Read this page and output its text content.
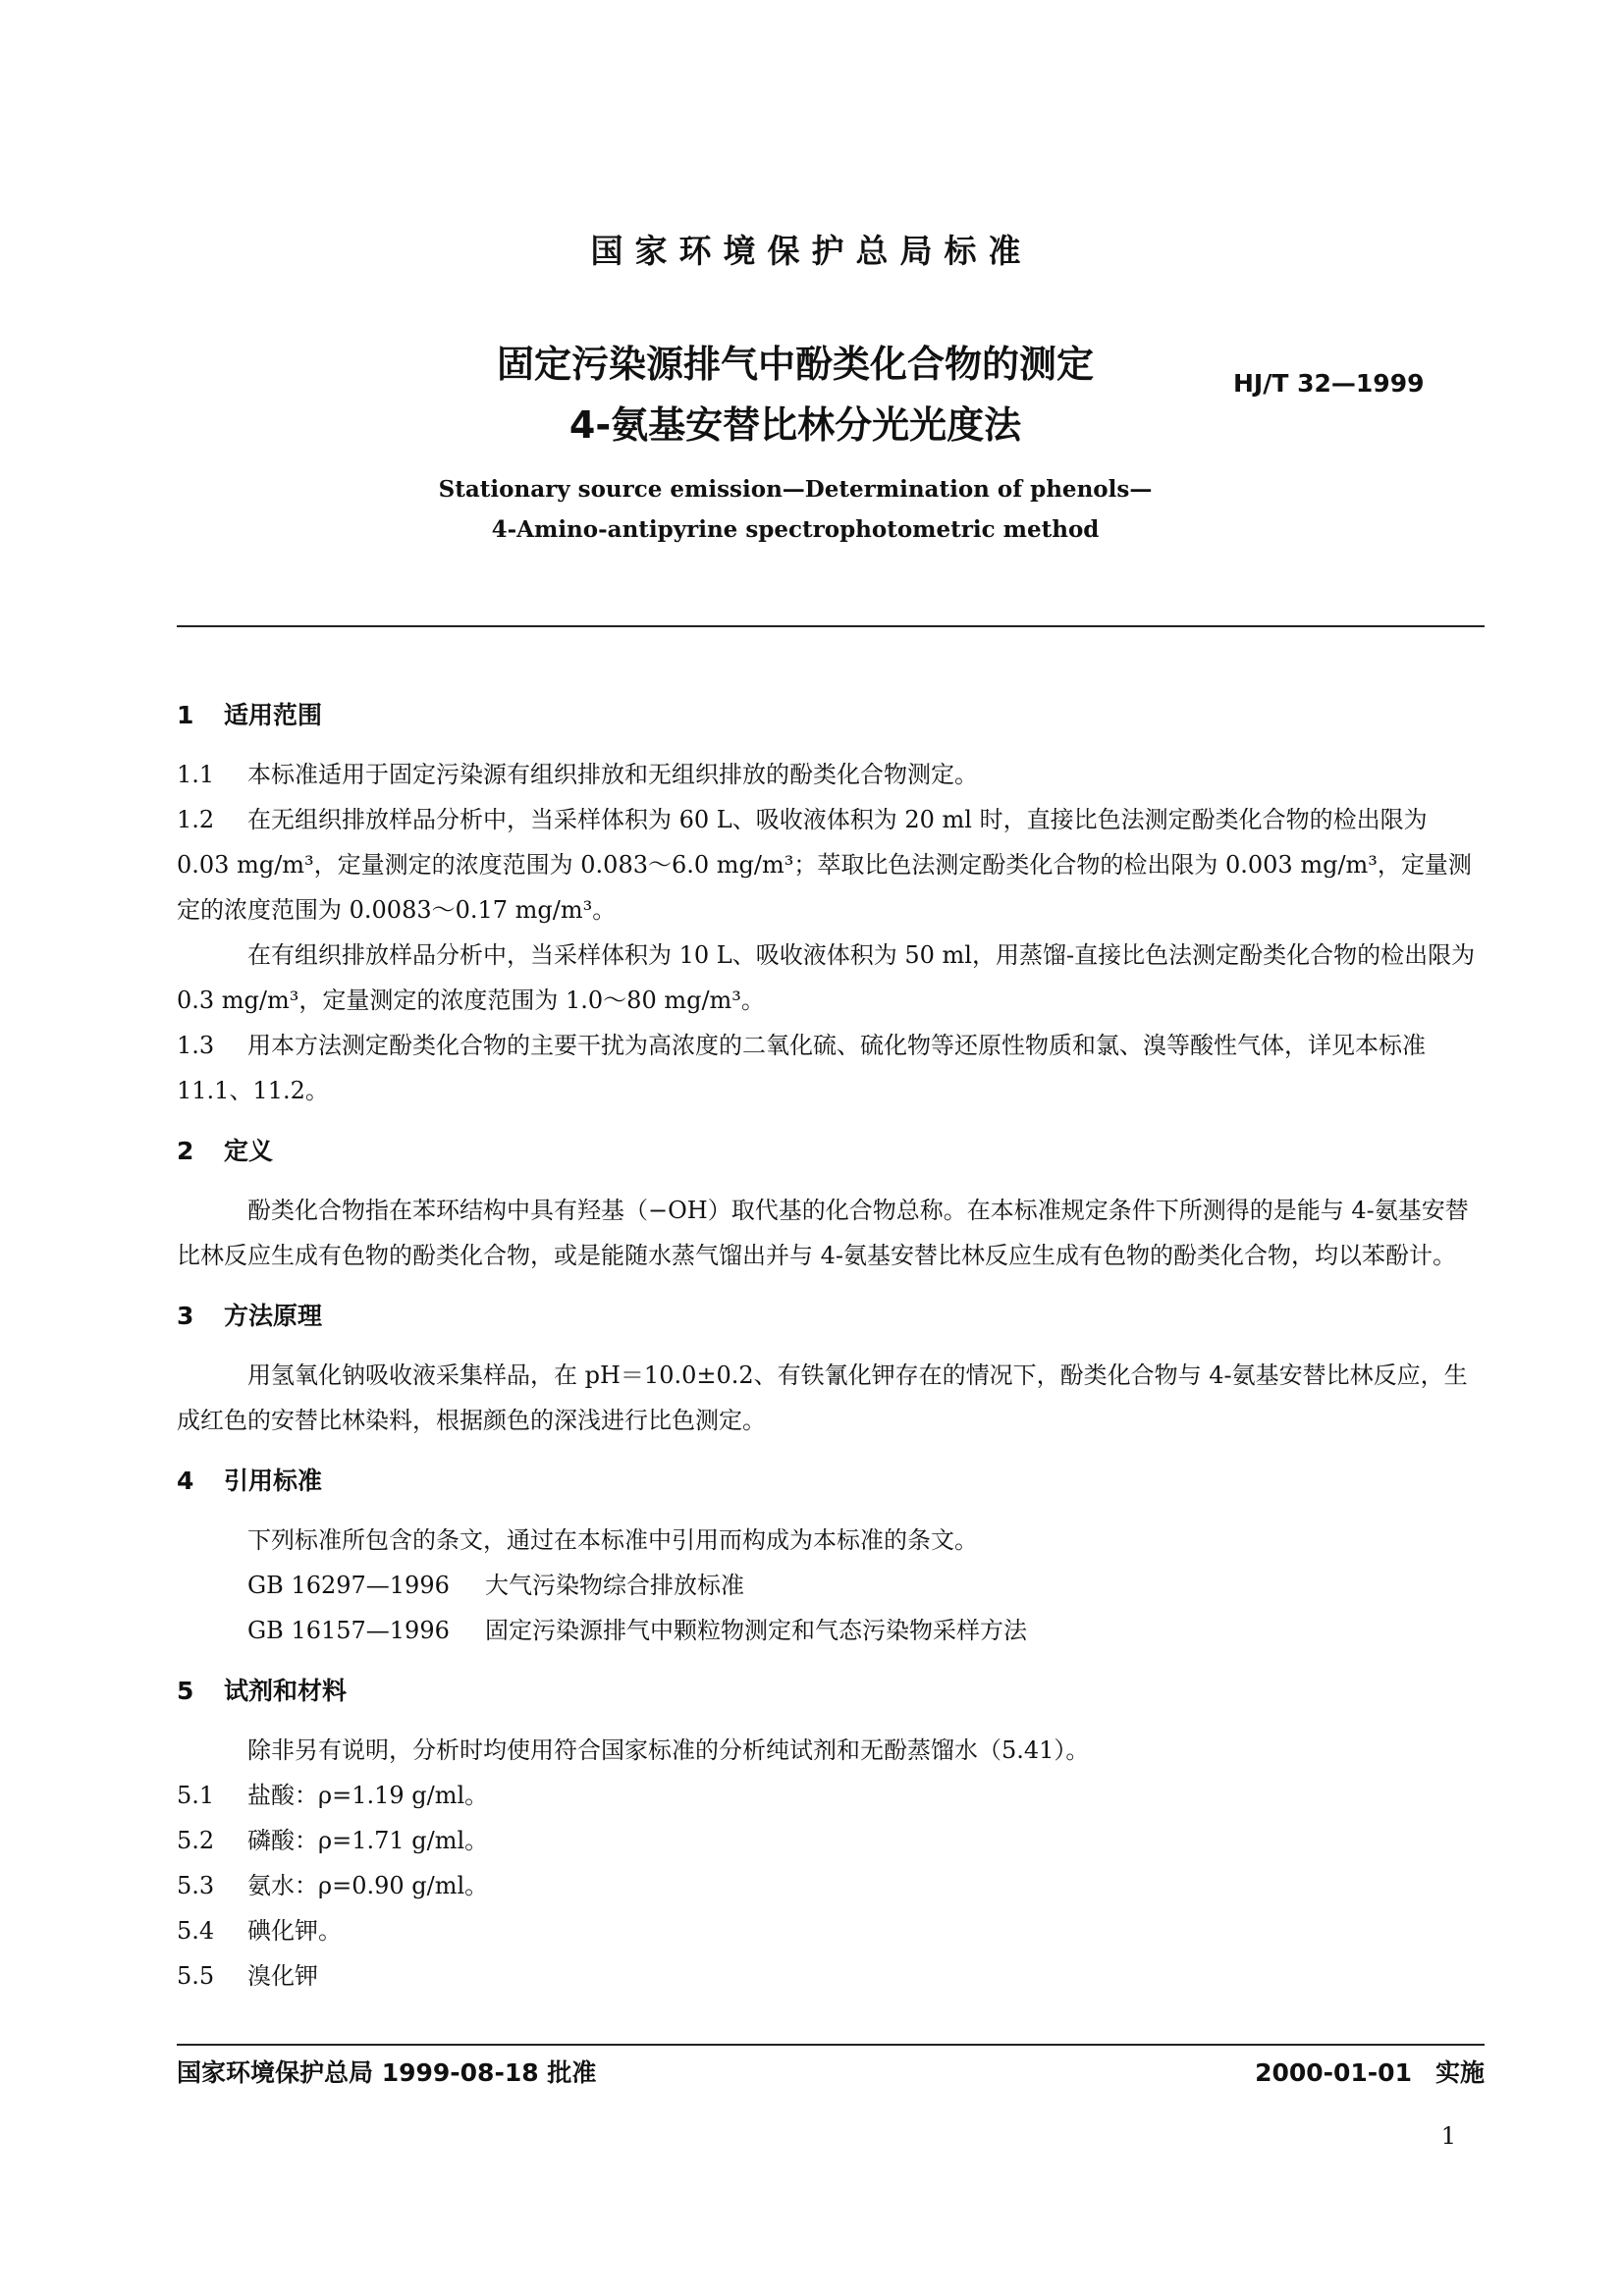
国家环境保护总局标准
固定污染源排气中酚类化合物的测定
4-氨基安替比林分光光度法
HJ/T 32—1999
Stationary source emission—Determination of phenols—
4-Amino-antipyrine spectrophotometric method
1 适用范围

1.1 本标准适用于固定污染源有组织排放和无组织排放的酚类化合物测定。

1.2 在无组织排放样品分析中，当采样体积为 60 L、吸收液体积为 20 ml 时，直接比色法测定酚类化合物的检出限为 0.03 mg/m³，定量测定的浓度范围为 0.083～6.0 mg/m³；萃取比色法测定酚类化合物的检出限为 0.003 mg/m³，定量测定的浓度范围为 0.0083～0.17 mg/m³。

在有组织排放样品分析中，当采样体积为 10 L、吸收液体积为 50 ml，用蒸馏-直接比色法测定酚类化合物的检出限为 0.3 mg/m³，定量测定的浓度范围为 1.0～80 mg/m³。

1.3 用本方法测定酚类化合物的主要干扰为高浓度的二氧化硫、硫化物等还原性物质和氯、溴等酸性气体，详见本标准 11.1、11.2。

2 定义

酚类化合物指在苯环结构中具有羟基（−OH）取代基的化合物总称。在本标准规定条件下所测得的是能与 4-氨基安替比林反应生成有色物的酚类化合物，或是能随水蒸气馏出并与 4-氨基安替比林反应生成有色物的酚类化合物，均以苯酚计。

3 方法原理

用氢氧化钠吸收液采集样品，在 pH＝10.0±0.2、有铁氰化钾存在的情况下，酚类化合物与 4-氨基安替比林反应，生成红色的安替比林染料，根据颜色的深浅进行比色测定。

4 引用标准

下列标准所包含的条文，通过在本标准中引用而构成为本标准的条文。

GB 16297—1996 大气污染物综合排放标准

GB 16157—1996 固定污染源排气中颗粒物测定和气态污染物采样方法

5 试剂和材料

除非另有说明，分析时均使用符合国家标准的分析纯试剂和无酚蒸馏水（5.41）。

5.1 盐酸：ρ=1.19 g/ml。

5.2 磷酸：ρ=1.71 g/ml。

5.3 氨水：ρ=0.90 g/ml。

5.4 碘化钾。

5.5 溴化钾

国家环境保护总局 1999-08-18 批准	2000-01-01 实施
1
